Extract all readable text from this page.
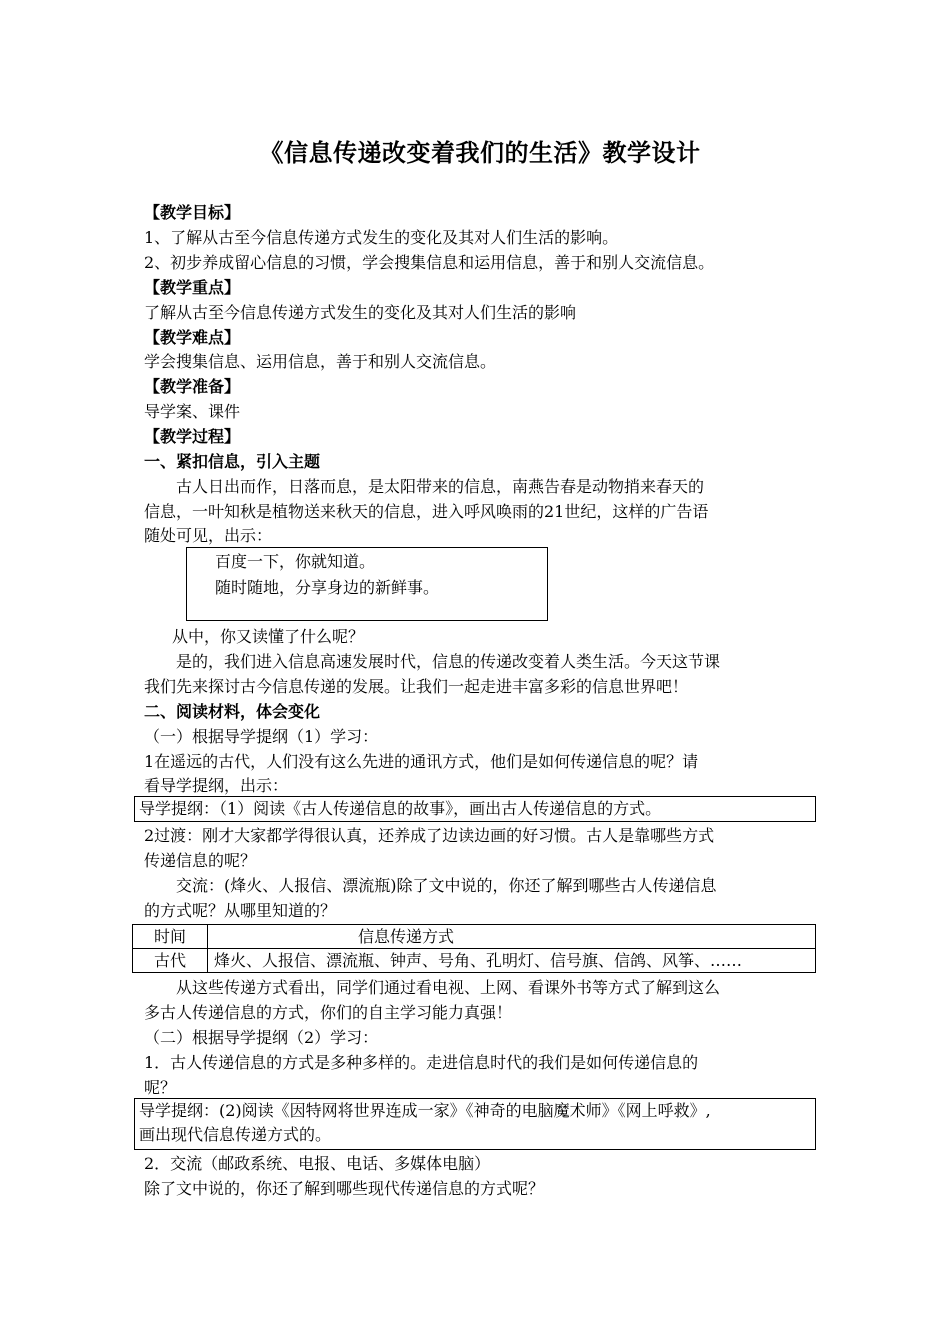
《信息传递改变着我们的生活》教学设计
【教学目标】
1、了解从古至今信息传递方式发生的变化及其对人们生活的影响。
2、初步养成留心信息的习惯，学会搜集信息和运用信息，善于和别人交流信息。
【教学重点】
了解从古至今信息传递方式发生的变化及其对人们生活的影响
【教学难点】
学会搜集信息、运用信息，善于和别人交流信息。
【教学准备】
导学案、课件
【教学过程】
一、紧扣信息，引入主题
古人日出而作，日落而息，是太阳带来的信息，南燕告春是动物捎来春天的
信息，一叶知秋是植物送来秋天的信息，进入呼风唤雨的21世纪，这样的广告语
随处可见，出示：
百度一下，你就知道。
随时随地，分享身边的新鲜事。
从中，你又读懂了什么呢？
是的，我们进入信息高速发展时代，信息的传递改变着人类生活。今天这节课
我们先来探讨古今信息传递的发展。让我们一起走进丰富多彩的信息世界吧！
二、阅读材料，体会变化
（一）根据导学提纲（1）学习：
1在遥远的古代，人们没有这么先进的通讯方式，他们是如何传递信息的呢？请
看导学提纲，出示：
导学提纲：（1）阅读《古人传递信息的故事》，画出古人传递信息的方式。
2过渡：刚才大家都学得很认真，还养成了边读边画的好习惯。古人是靠哪些方式
传递信息的呢？
交流：(烽火、人报信、漂流瓶)除了文中说的，你还了解到哪些古人传递信息
的方式呢？从哪里知道的？
时间	信息传递方式
古代	烽火、人报信、漂流瓶、钟声、号角、孔明灯、信号旗、信鸽、风筝、……
从这些传递方式看出，同学们通过看电视、上网、看课外书等方式了解到这么
多古人传递信息的方式，你们的自主学习能力真强！
（二）根据导学提纲（2）学习：
1．古人传递信息的方式是多种多样的。走进信息时代的我们是如何传递信息的
呢？
导学提纲：(2)阅读《因特网将世界连成一家》《神奇的电脑魔术师》《网上呼救》,
画出现代信息传递方式的。
2．交流（邮政系统、电报、电话、多媒体电脑）
除了文中说的，你还了解到哪些现代传递信息的方式呢？
